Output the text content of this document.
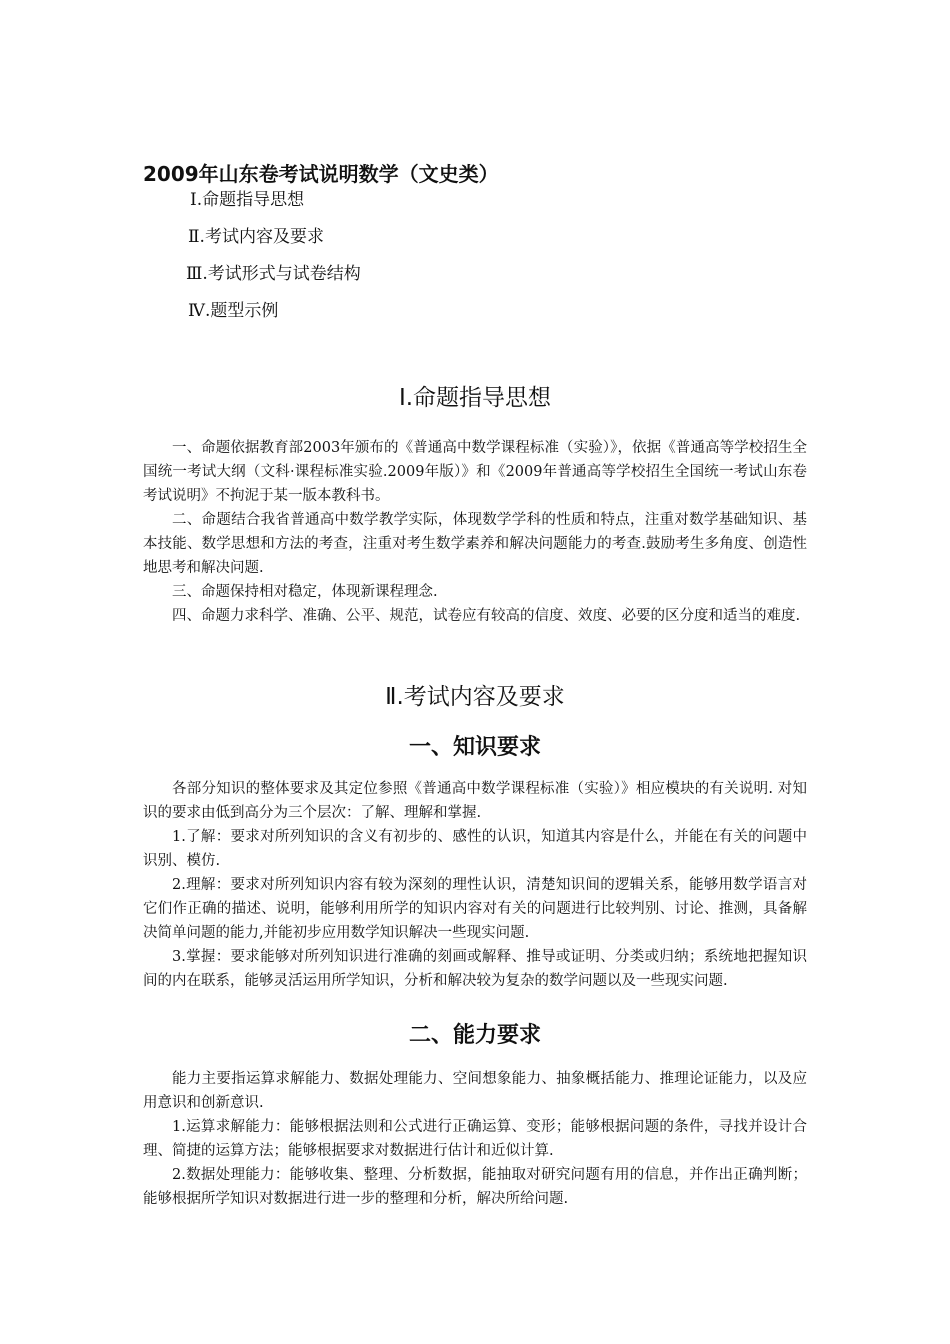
2009年山东卷考试说明数学（文史类）
Ⅰ.命题指导思想
Ⅱ.考试内容及要求
Ⅲ.考试形式与试卷结构
Ⅳ.题型示例
Ⅰ.命题指导思想

一、命题依据教育部2003年颁布的《普通高中数学课程标准（实验）》，依据《普通高等学校招生全国统一考试大纲（文科·课程标准实验.2009年版）》和《2009年普通高等学校招生全国统一考试山东卷考试说明》不拘泥于某一版本教科书。

二、命题结合我省普通高中数学教学实际，体现数学学科的性质和特点，注重对数学基础知识、基本技能、数学思想和方法的考查，注重对考生数学素养和解决问题能力的考查.鼓励考生多角度、创造性地思考和解决问题.

三、命题保持相对稳定，体现新课程理念.

四、命题力求科学、准确、公平、规范，试卷应有较高的信度、效度、必要的区分度和适当的难度.

Ⅱ.考试内容及要求
一、知识要求

各部分知识的整体要求及其定位参照《普通高中数学课程标准（实验）》相应模块的有关说明. 对知识的要求由低到高分为三个层次：了解、理解和掌握.

1.了解：要求对所列知识的含义有初步的、感性的认识，知道其内容是什么，并能在有关的问题中识别、模仿.

2.理解：要求对所列知识内容有较为深刻的理性认识，清楚知识间的逻辑关系，能够用数学语言对它们作正确的描述、说明，能够利用所学的知识内容对有关的问题进行比较判别、讨论、推测，具备解决简单问题的能力,并能初步应用数学知识解决一些现实问题.

3.掌握：要求能够对所列知识进行准确的刻画或解释、推导或证明、分类或归纳；系统地把握知识间的内在联系，能够灵活运用所学知识，分析和解决较为复杂的数学问题以及一些现实问题.

二、能力要求

能力主要指运算求解能力、数据处理能力、空间想象能力、抽象概括能力、推理论证能力，以及应用意识和创新意识.

1.运算求解能力：能够根据法则和公式进行正确运算、变形；能够根据问题的条件，寻找并设计合理、简捷的运算方法；能够根据要求对数据进行估计和近似计算.

2.数据处理能力：能够收集、整理、分析数据，能抽取对研究问题有用的信息，并作出正确判断；能够根据所学知识对数据进行进一步的整理和分析，解决所给问题.
